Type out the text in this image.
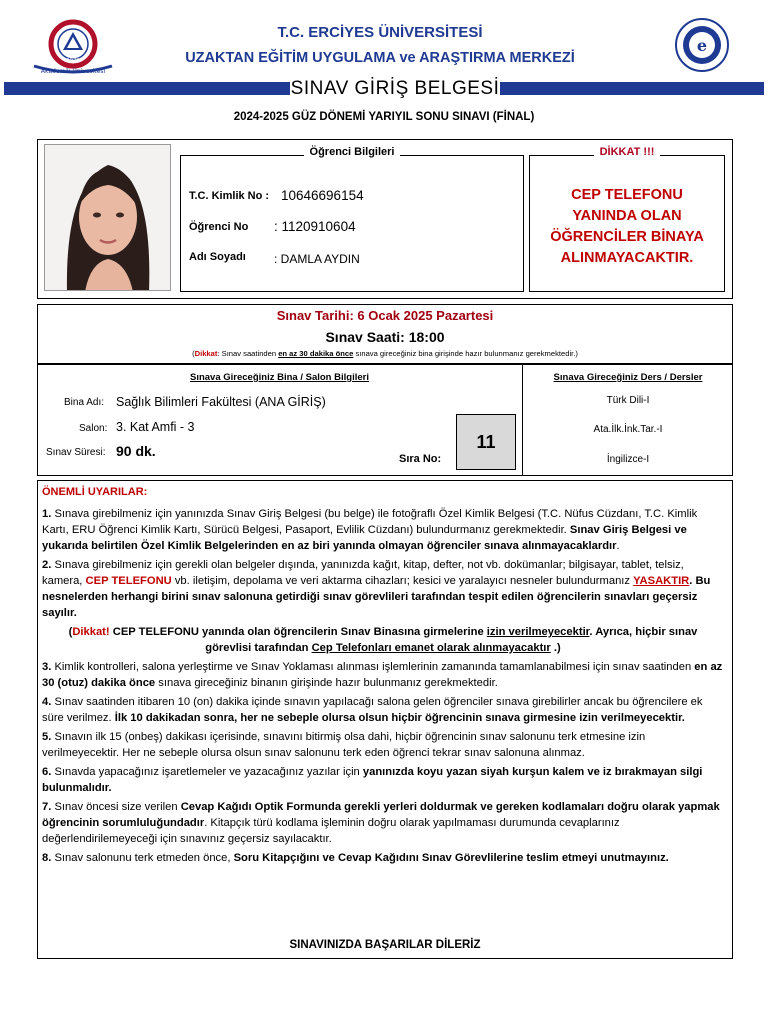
Akademik Ünivesitesi
1978
T.C. ERCİYES ÜNİVERSİTESİ
UZAKTAN EĞİTİM UYGULAMA ve ARAŞTIRMA MERKEZİ
e
SINAV GİRİŞ BELGESİ
2024-2025 GÜZ DÖNEMİ YARIYIL SONU SINAVI (FİNAL)
Öğrenci Bilgileri
T.C. Kimlik No : 10646696154
Öğrenci No : 1120910604
Adı Soyadı : DAMLA AYDIN
DİKKAT !!!
CEP TELEFONU
YANINDA OLAN
ÖĞRENCİLER BİNAYA
ALINMAYACAKTIR.
Sınav Tarihi: 6 Ocak 2025 Pazartesi
Sınav Saati: 18:00
(Dikkat: Sınav saatinden en az 30 dakika önce sınava gireceğiniz bina girişinde hazır bulunmanız gerekmektedir.)
Sınava Gireceğiniz Bina / Salon Bilgileri	Sınava Gireceğiniz Ders / Dersler
Bina Adı: Sağlık Bilimleri Fakültesi (ANA GİRİŞ)
Salon: 3. Kat Amfi - 3
Sınav Süresi: 90 dk.	Sıra No:
11
Türk Dili-I
Ata.İlk.İnk.Tar.-I
İngilizce-I
ÖNEMLİ UYARILAR:

1. Sınava girebilmeniz için yanınızda Sınav Giriş Belgesi (bu belge) ile fotoğraflı Özel Kimlik Belgesi (T.C. Nüfus Cüzdanı, T.C. Kimlik Kartı, ERU Öğrenci Kimlik Kartı, Sürücü Belgesi, Pasaport, Evlilik Cüzdanı) bulundurmanız gerekmektedir. Sınav Giriş Belgesi ve yukarıda belirtilen Özel Kimlik Belgelerinden en az biri yanında olmayan öğrenciler sınava alınmayacaklardır.

2. Sınava girebilmeniz için gerekli olan belgeler dışında, yanınızda kağıt, kitap, defter, not vb. dokümanlar; bilgisayar, tablet, telsiz, kamera, CEP TELEFONU vb. iletişim, depolama ve veri aktarma cihazları; kesici ve yaralayıcı nesneler bulundurmanız YASAKTIR. Bu nesnelerden herhangi birini sınav salonuna getirdiği sınav görevlileri tarafından tespit edilen öğrencilerin sınavları geçersiz sayılır.

(Dikkat! CEP TELEFONU yanında olan öğrencilerin Sınav Binasına girmelerine izin verilmeyecektir. Ayrıca, hiçbir sınav görevlisi tarafından Cep Telefonları emanet olarak alınmayacaktır .)

3. Kimlik kontrolleri, salona yerleştirme ve Sınav Yoklaması alınması işlemlerinin zamanında tamamlanabilmesi için sınav saatinden en az 30 (otuz) dakika önce sınava gireceğiniz binanın girişinde hazır bulunmanız gerekmektedir.

4. Sınav saatinden itibaren 10 (on) dakika içinde sınavın yapılacağı salona gelen öğrenciler sınava girebilirler ancak bu öğrencilere ek süre verilmez. İlk 10 dakikadan sonra, her ne sebeple olursa olsun hiçbir öğrencinin sınava girmesine izin verilmeyecektir.

5. Sınavın ilk 15 (onbeş) dakikası içerisinde, sınavını bitirmiş olsa dahi, hiçbir öğrencinin sınav salonunu terk etmesine izin verilmeyecektir. Her ne sebeple olursa olsun sınav salonunu terk eden öğrenci tekrar sınav salonuna alınmaz.

6. Sınavda yapacağınız işaretlemeler ve yazacağınız yazılar için yanınızda koyu yazan siyah kurşun kalem ve iz bırakmayan silgi bulunmalıdır.

7. Sınav öncesi size verilen Cevap Kağıdı Optik Formunda gerekli yerleri doldurmak ve gereken kodlamaları doğru olarak yapmak öğrencinin sorumluluğundadır. Kitapçık türü kodlama işleminin doğru olarak yapılmaması durumunda cevaplarınız değerlendirilemeyeceği için sınavınız geçersiz sayılacaktır.

8. Sınav salonunu terk etmeden önce, Soru Kitapçığını ve Cevap Kağıdını Sınav Görevlilerine teslim etmeyi unutmayınız.

SINAVINIZDA BAŞARILAR DİLERİZ
